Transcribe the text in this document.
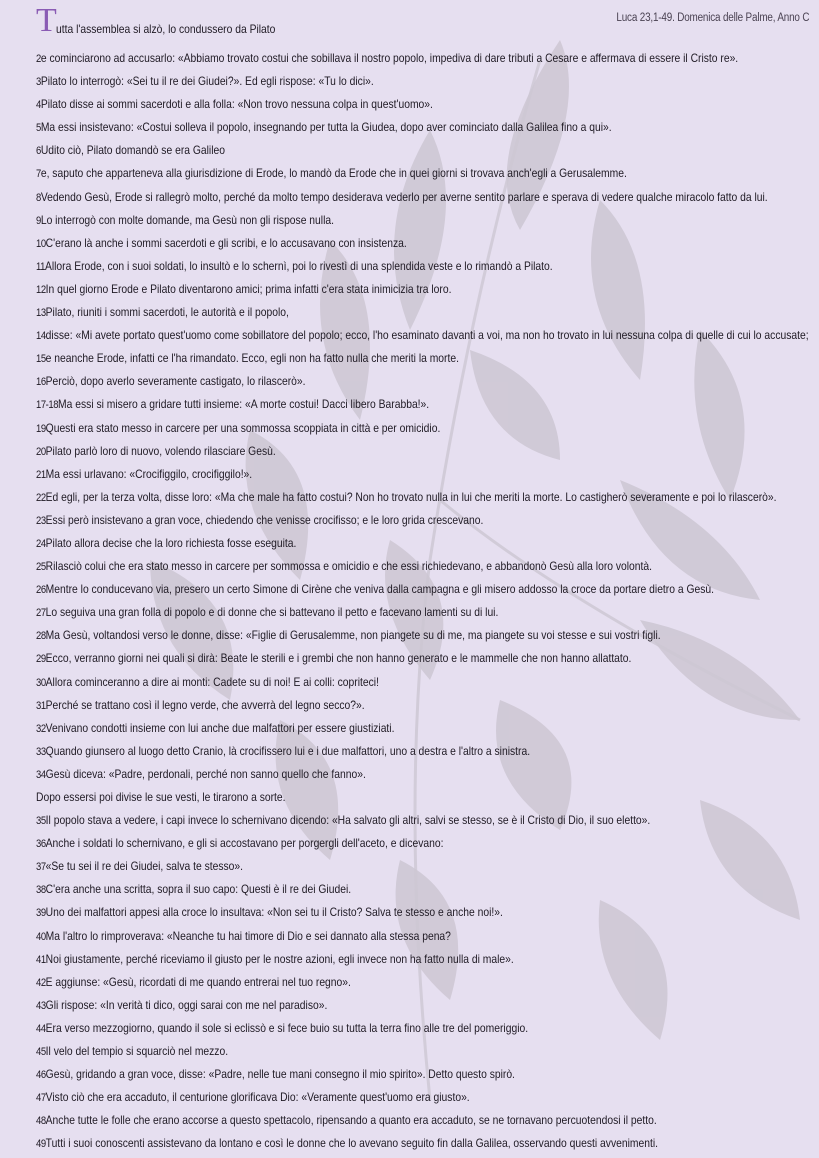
Luca 23,1-49. Domenica delle Palme, Anno C
Tutta l'assemblea si alzò, lo condussero da Pilato
2e cominciarono ad accusarlo: «Abbiamo trovato costui che sobillava il nostro popolo, impediva di dare tributi a Cesare e affermava di essere il Cristo re».
3Pilato lo interrogò: «Sei tu il re dei Giudei?». Ed egli rispose: «Tu lo dici».
4Pilato disse ai sommi sacerdoti e alla folla: «Non trovo nessuna colpa in quest'uomo».
5Ma essi insistevano: «Costui solleva il popolo, insegnando per tutta la Giudea, dopo aver cominciato dalla Galilea fino a qui».
6Udito ciò, Pilato domandò se era Galileo
7e, saputo che apparteneva alla giurisdizione di Erode, lo mandò da Erode che in quei giorni si trovava anch'egli a Gerusalemme.
8Vedendo Gesù, Erode si rallegrò molto, perché da molto tempo desiderava vederlo per averne sentito parlare e sperava di vedere qualche miracolo fatto da lui.
9Lo interrogò con molte domande, ma Gesù non gli rispose nulla.
10C'erano là anche i sommi sacerdoti e gli scribi, e lo accusavano con insistenza.
11Allora Erode, con i suoi soldati, lo insultò e lo schernì, poi lo rivestì di una splendida veste e lo rimandò a Pilato.
12In quel giorno Erode e Pilato diventarono amici; prima infatti c'era stata inimicizia tra loro.
13Pilato, riuniti i sommi sacerdoti, le autorità e il popolo,
14disse: «Mi avete portato quest'uomo come sobillatore del popolo; ecco, l'ho esaminato davanti a voi, ma non ho trovato in lui nessuna colpa di quelle di cui lo accusate;
15e neanche Erode, infatti ce l'ha rimandato. Ecco, egli non ha fatto nulla che meriti la morte.
16Perciò, dopo averlo severamente castigato, lo rilascerò».
17-18Ma essi si misero a gridare tutti insieme: «A morte costui! Dacci libero Barabba!».
19Questi era stato messo in carcere per una sommossa scoppiata in città e per omicidio.
20Pilato parlò loro di nuovo, volendo rilasciare Gesù.
21Ma essi urlavano: «Crocifiggilo, crocifiggilo!».
22Ed egli, per la terza volta, disse loro: «Ma che male ha fatto costui? Non ho trovato nulla in lui che meriti la morte. Lo castigherò severamente e poi lo rilascerò».
23Essi però insistevano a gran voce, chiedendo che venisse crocifisso; e le loro grida crescevano.
24Pilato allora decise che la loro richiesta fosse eseguita.
25Rilasciò colui che era stato messo in carcere per sommossa e omicidio e che essi richiedevano, e abbandonò Gesù alla loro volontà.
26Mentre lo conducevano via, presero un certo Simone di Cirène che veniva dalla campagna e gli misero addosso la croce da portare dietro a Gesù.
27Lo seguiva una gran folla di popolo e di donne che si battevano il petto e facevano lamenti su di lui.
28Ma Gesù, voltandosi verso le donne, disse: «Figlie di Gerusalemme, non piangete su di me, ma piangete su voi stesse e sui vostri figli.
29Ecco, verranno giorni nei quali si dirà: Beate le sterili e i grembi che non hanno generato e le mammelle che non hanno allattato.
30Allora cominceranno a dire ai monti: Cadete su di noi! E ai colli: copriteci!
31Perché se trattano così il legno verde, che avverrà del legno secco?».
32Venivano condotti insieme con lui anche due malfattori per essere giustiziati.
33Quando giunsero al luogo detto Cranio, là crocifissero lui e i due malfattori, uno a destra e l'altro a sinistra.
34Gesù diceva: «Padre, perdonali, perché non sanno quello che fanno».
Dopo essersi poi divise le sue vesti, le tirarono a sorte.
35Il popolo stava a vedere, i capi invece lo schernivano dicendo: «Ha salvato gli altri, salvi se stesso, se è il Cristo di Dio, il suo eletto».
36Anche i soldati lo schernivano, e gli si accostavano per porgergli dell'aceto, e dicevano:
37«Se tu sei il re dei Giudei, salva te stesso».
38C'era anche una scritta, sopra il suo capo: Questi è il re dei Giudei.
39Uno dei malfattori appesi alla croce lo insultava: «Non sei tu il Cristo? Salva te stesso e anche noi!».
40Ma l'altro lo rimproverava: «Neanche tu hai timore di Dio e sei dannato alla stessa pena?
41Noi giustamente, perché riceviamo il giusto per le nostre azioni, egli invece non ha fatto nulla di male».
42E aggiunse: «Gesù, ricordati di me quando entrerai nel tuo regno».
43Gli rispose: «In verità ti dico, oggi sarai con me nel paradiso».
44Era verso mezzogiorno, quando il sole si eclissò e si fece buio su tutta la terra fino alle tre del pomeriggio.
45Il velo del tempio si squarciò nel mezzo.
46Gesù, gridando a gran voce, disse: «Padre, nelle tue mani consegno il mio spirito». Detto questo spirò.
47Visto ciò che era accaduto, il centurione glorificava Dio: «Veramente quest'uomo era giusto».
48Anche tutte le folle che erano accorse a questo spettacolo, ripensando a quanto era accaduto, se ne tornavano percuotendosi il petto.
49Tutti i suoi conoscenti assistevano da lontano e così le donne che lo avevano seguito fin dalla Galilea, osservando questi avvenimenti.
